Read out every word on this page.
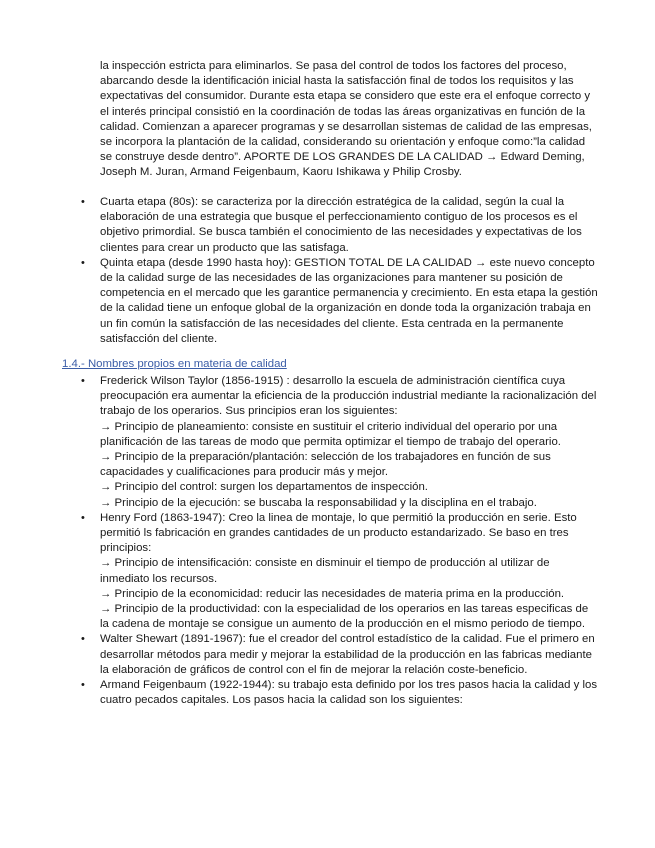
la inspección estricta para eliminarlos. Se pasa del control de todos los factores del proceso, abarcando desde la identificación inicial hasta la satisfacción final de todos los requisitos y las expectativas del consumidor. Durante esta etapa se considero que este era el enfoque correcto y el interés principal consistió en la coordinación de todas las áreas organizativas en función de la calidad. Comienzan a aparecer programas y se desarrollan sistemas de calidad de las empresas, se incorpora la plantación de la calidad, considerando su orientación y enfoque como:”la calidad se construye desde dentro”. APORTE DE LOS GRANDES DE LA CALIDAD → Edward Deming, Joseph M. Juran, Armand Feigenbaum, Kaoru Ishikawa y Philip Crosby.

• Cuarta etapa (80s): se caracteriza por la dirección estratégica de la calidad, según la cual la elaboración de una estrategia que busque el perfeccionamiento contiguo de los procesos es el objetivo primordial. Se busca también el conocimiento de las necesidades y expectativas de los clientes para crear un producto que las satisfaga.
• Quinta etapa (desde 1990 hasta hoy): GESTION TOTAL DE LA CALIDAD → este nuevo concepto de la calidad surge de las necesidades de las organizaciones para mantener su posición de competencia en el mercado que les garantice permanencia y crecimiento. En esta etapa la gestión de la calidad tiene un enfoque global de la organización en donde toda la organización trabaja en un fin común la satisfacción de las necesidades del cliente. Esta centrada en la permanente satisfacción del cliente.
1.4.- Nombres propios en materia de calidad
• Frederick Wilson Taylor (1856-1915) : desarrollo la escuela de administración científica cuya preocupación era aumentar la eficiencia de la producción industrial mediante la racionalización del trabajo de los operarios. Sus principios eran los siguientes:
→ Principio de planeamiento: consiste en sustituir el criterio individual del operario por una planificación de las tareas de modo que permita optimizar el tiempo de trabajo del operario.
→ Principio de la preparación/plantación: selección de los trabajadores en función de sus capacidades y cualificaciones para producir más y mejor.
→ Principio del control: surgen los departamentos de inspección.
→ Principio de la ejecución: se buscaba la responsabilidad y la disciplina en el trabajo.
• Henry Ford (1863-1947): Creo la linea de montaje, lo que permitió la producción en serie. Esto permitió ls fabricación en grandes cantidades de un producto estandarizado. Se baso en tres principios:
→ Principio de intensificación: consiste en disminuir el tiempo de producción al utilizar de inmediato los recursos.
→ Principio de la economicidad: reducir las necesidades de materia prima en la producción.
→ Principio de la productividad: con la especialidad de los operarios en las tareas especificas de la cadena de montaje se consigue un aumento de la producción en el mismo periodo de tiempo.
• Walter Shewart (1891-1967): fue el creador del control estadístico de la calidad. Fue el primero en desarrollar métodos para medir y mejorar la estabilidad de la producción en las fabricas mediante la elaboración de gráficos de control con el fin de mejorar la relación coste-beneficio.
• Armand Feigenbaum (1922-1944): su trabajo esta definido por los tres pasos hacia la calidad y los cuatro pecados capitales. Los pasos hacia la calidad son los siguientes:
